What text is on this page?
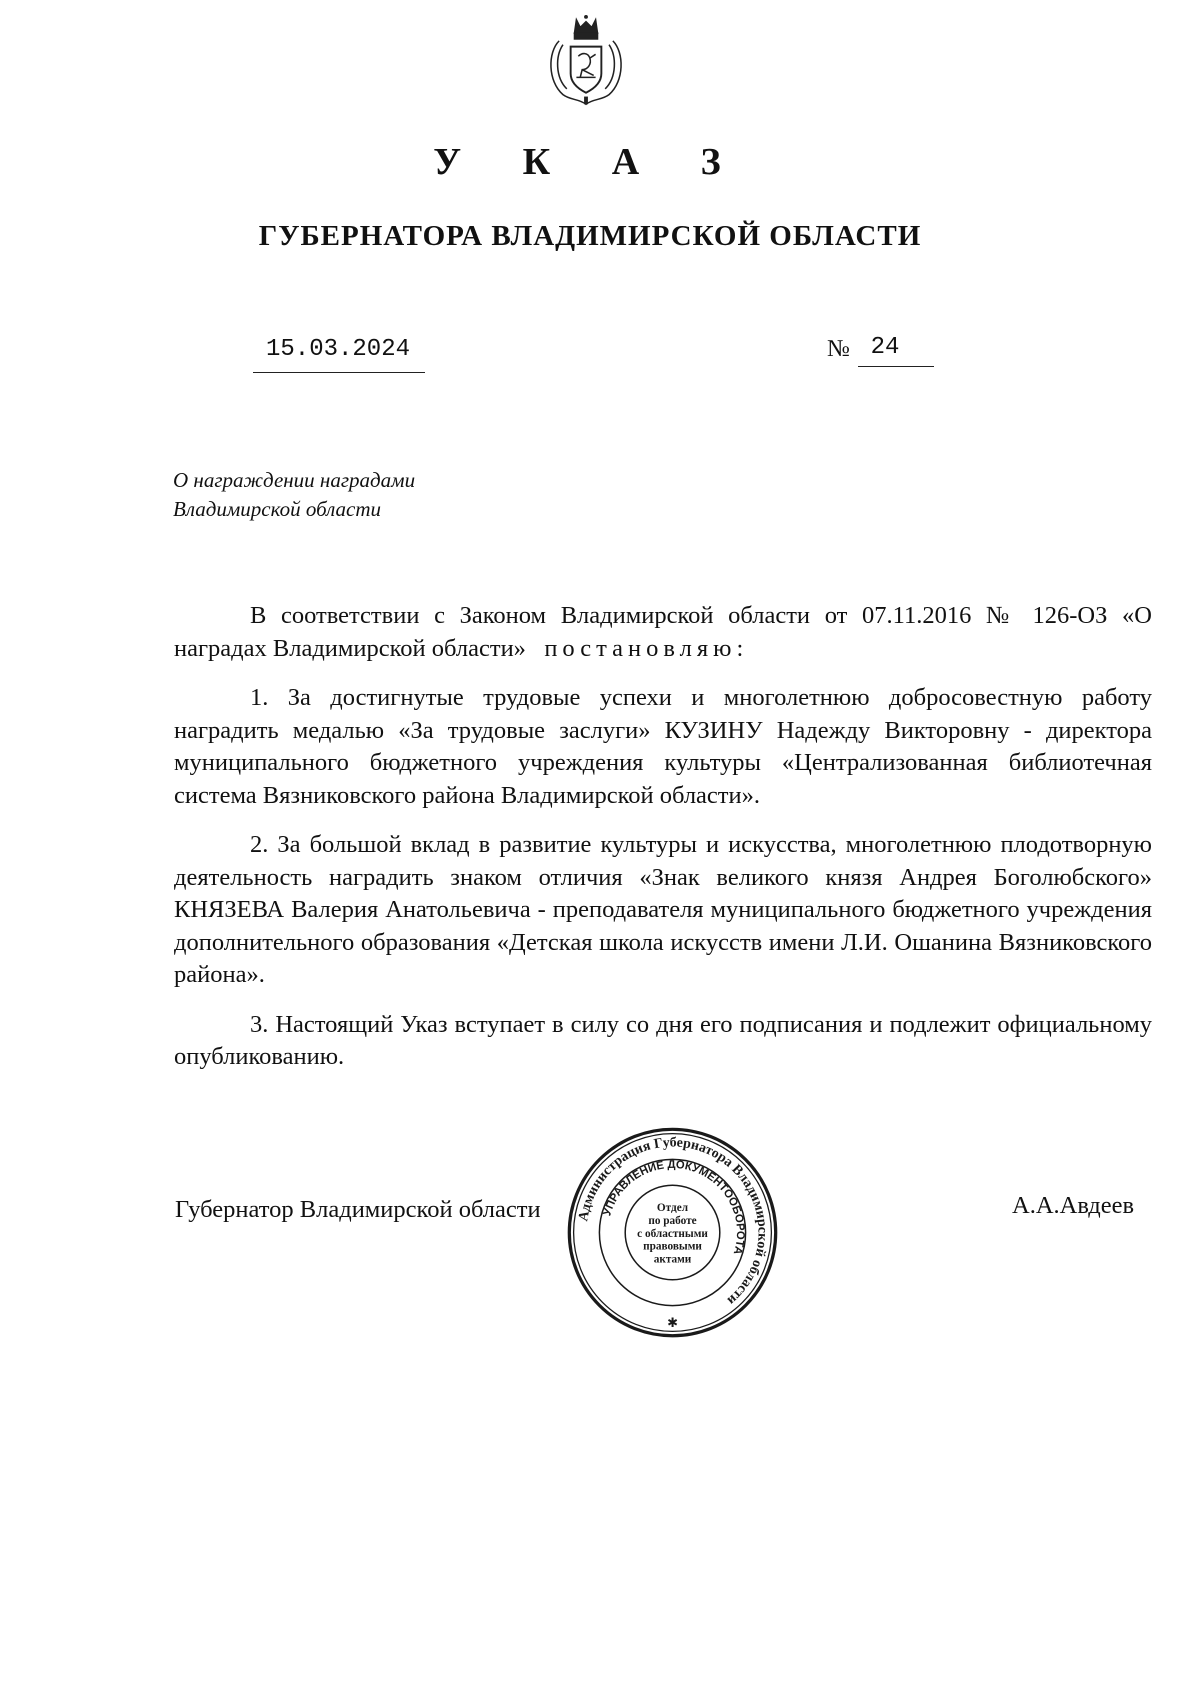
У К А З
ГУБЕРНАТОРА ВЛАДИМИРСКОЙ ОБЛАСТИ
15.03.2024	№ 24
О награждении наградами
Владимирской области

В соответствии с Законом Владимирской области от 07.11.2016 № 126-ОЗ «О наградах Владимирской области» постановляю:

1. За достигнутые трудовые успехи и многолетнюю добросовестную работу наградить медалью «За трудовые заслуги» КУЗИНУ Надежду Викторовну - директора муниципального бюджетного учреждения культуры «Централизованная библиотечная система Вязниковского района Владимирской области».

2. За большой вклад в развитие культуры и искусства, многолетнюю плодотворную деятельность наградить знаком отличия «Знак великого князя Андрея Боголюбского» КНЯЗЕВА Валерия Анатольевича - преподавателя муниципального бюджетного учреждения дополнительного образования «Детская школа искусств имени Л.И. Ошанина Вязниковского района».

3. Настоящий Указ вступает в силу со дня его подписания и подлежит официальному опубликованию.

Губернатор Владимирской области	А.А.Авдеев
Администрация Губернатора Владимирской области
УПРАВЛЕНИЕ ДОКУМЕНТООБОРОТА
Отдел
по работе
с областными
правовыми
актами
✱
